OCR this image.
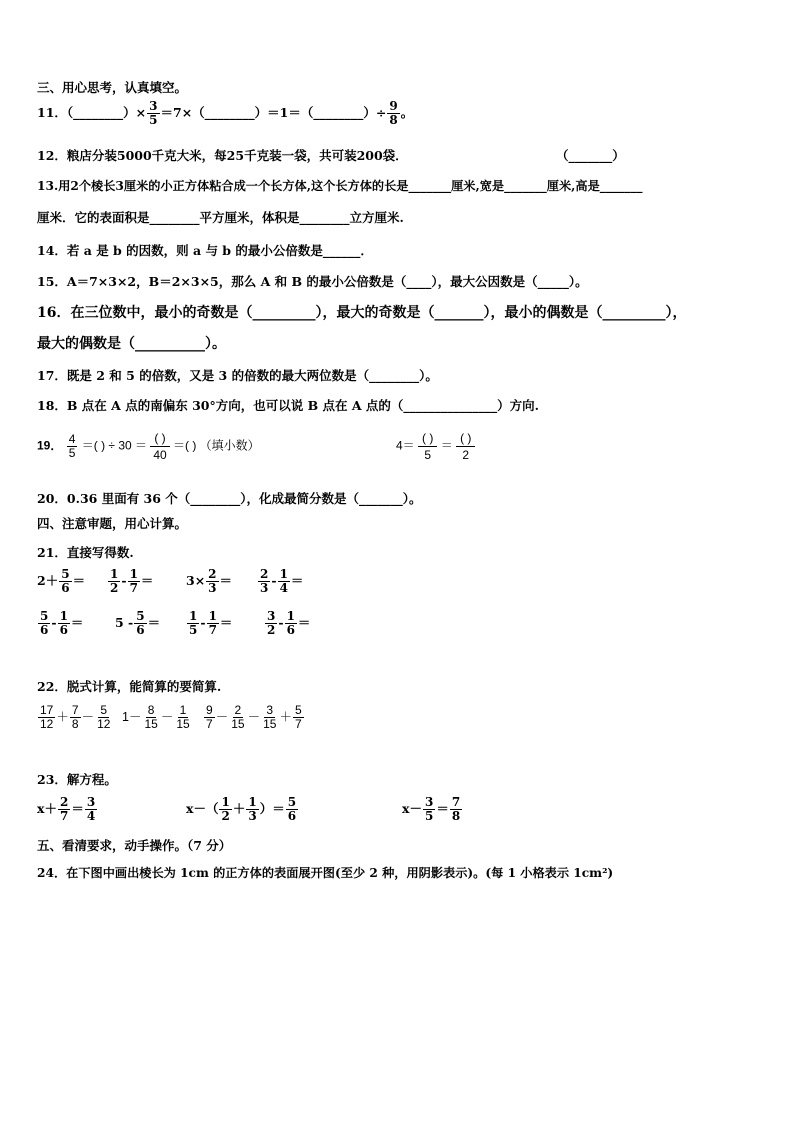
三、用心思考，认真填空。
11．（________）× $\frac{3}{5}$ ＝7×（________）＝1＝（________）÷ $\frac{9}{8}$ 。
12．粮店分装5000千克大米，每25千克装一袋，共可装200袋．	（_______）
13.用2个棱长3厘米的小正方体粘合成一个长方体,这个长方体的长是_______厘米,宽是_______厘米,高是_______
厘米．它的表面积是________平方厘米，体积是________立方厘米.
14．若 a 是 b 的因数，则 a 与 b 的最小公倍数是______．
15．A＝7×3×2，B＝2×3×5，那么 A 和 B 的最小公倍数是（____），最大公因数是（_____）。
16．在三位数中，最小的奇数是（_________），最大的奇数是（_______），最小的偶数是（_________），
最大的偶数是（__________）。
17．既是 2 和 5 的倍数，又是 3 的倍数的最大两位数是（________）。
18．B 点在 A 点的南偏东 30°方向，也可以说 B 点在 A 点的（_______________）方向.
19． $\frac{4}{5}$ ＝( ) ÷ $30 = \frac{( )}{40}$ ＝( ) （填小数）	$4= \frac{( )}{5} = \frac{( )}{2}$
20．0.36 里面有 36 个（________），化成最简分数是（_______）。
四、注意审题，用心计算。
21．直接写得数.
$2+ \frac{5}{6} = \frac{1}{2} - \frac{1}{7}$ ＝	$3\times \frac{2}{3} = \frac{2}{3} - \frac{1}{4}$ ＝
$\frac{5}{6} - \frac{1}{6}$ ＝	$5 - \frac{5}{6} = \frac{1}{5} - \frac{1}{7}$ ＝	$\frac{3}{2} - \frac{1}{6}$ ＝
22．脱式计算，能简算的要简算.
$\frac{17}{12} + \frac{7}{8} - \frac{5}{12} 1- \frac{8}{15} - \frac{1}{15} \frac{9}{7} - \frac{2}{15} - \frac{3}{15} + \frac{5}{7}$
23．解方程。
$x+ \frac{2}{7} = \frac{3}{4}$	$x-( \frac{1}{2} + \frac{1}{3}$ ）＝ $\frac{5}{6}$	$x- \frac{3}{5} = \frac{7}{8}$
五、看清要求，动手操作。（7 分）
24．在下图中画出棱长为 1cm 的正方体的表面展开图(至少 2 种，用阴影表示)。(每 1 小格表示 1cm²)
